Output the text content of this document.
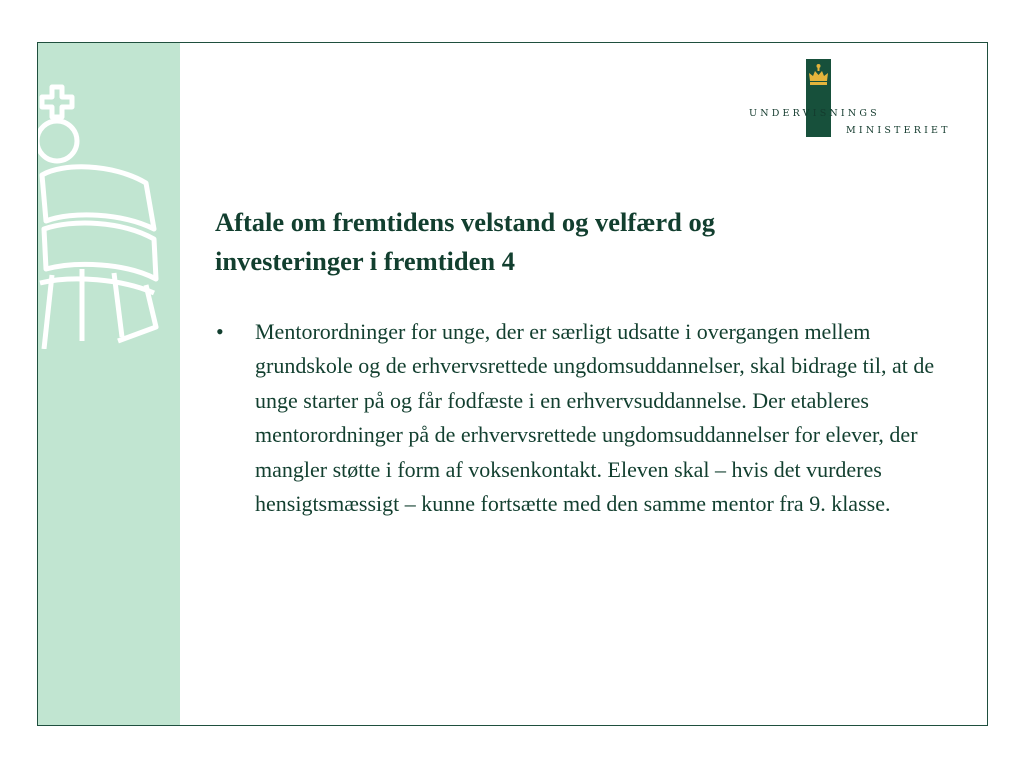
UNDERVISNINGS
MINISTERIET
Aftale om fremtidens velstand og velfærd og
investeringer i fremtiden 4
• Mentorordninger for unge, der er særligt udsatte i overgangen mellem grundskole og de erhvervsrettede ungdomsuddannelser, skal bidrage til, at de unge starter på og får fodfæste i en erhvervsuddannelse. Der etableres mentorordninger på de erhvervsrettede ungdomsuddannelser for elever, der mangler støtte i form af voksenkontakt. Eleven skal – hvis det vurderes hensigtsmæssigt – kunne fortsætte med den samme mentor fra 9. klasse.
